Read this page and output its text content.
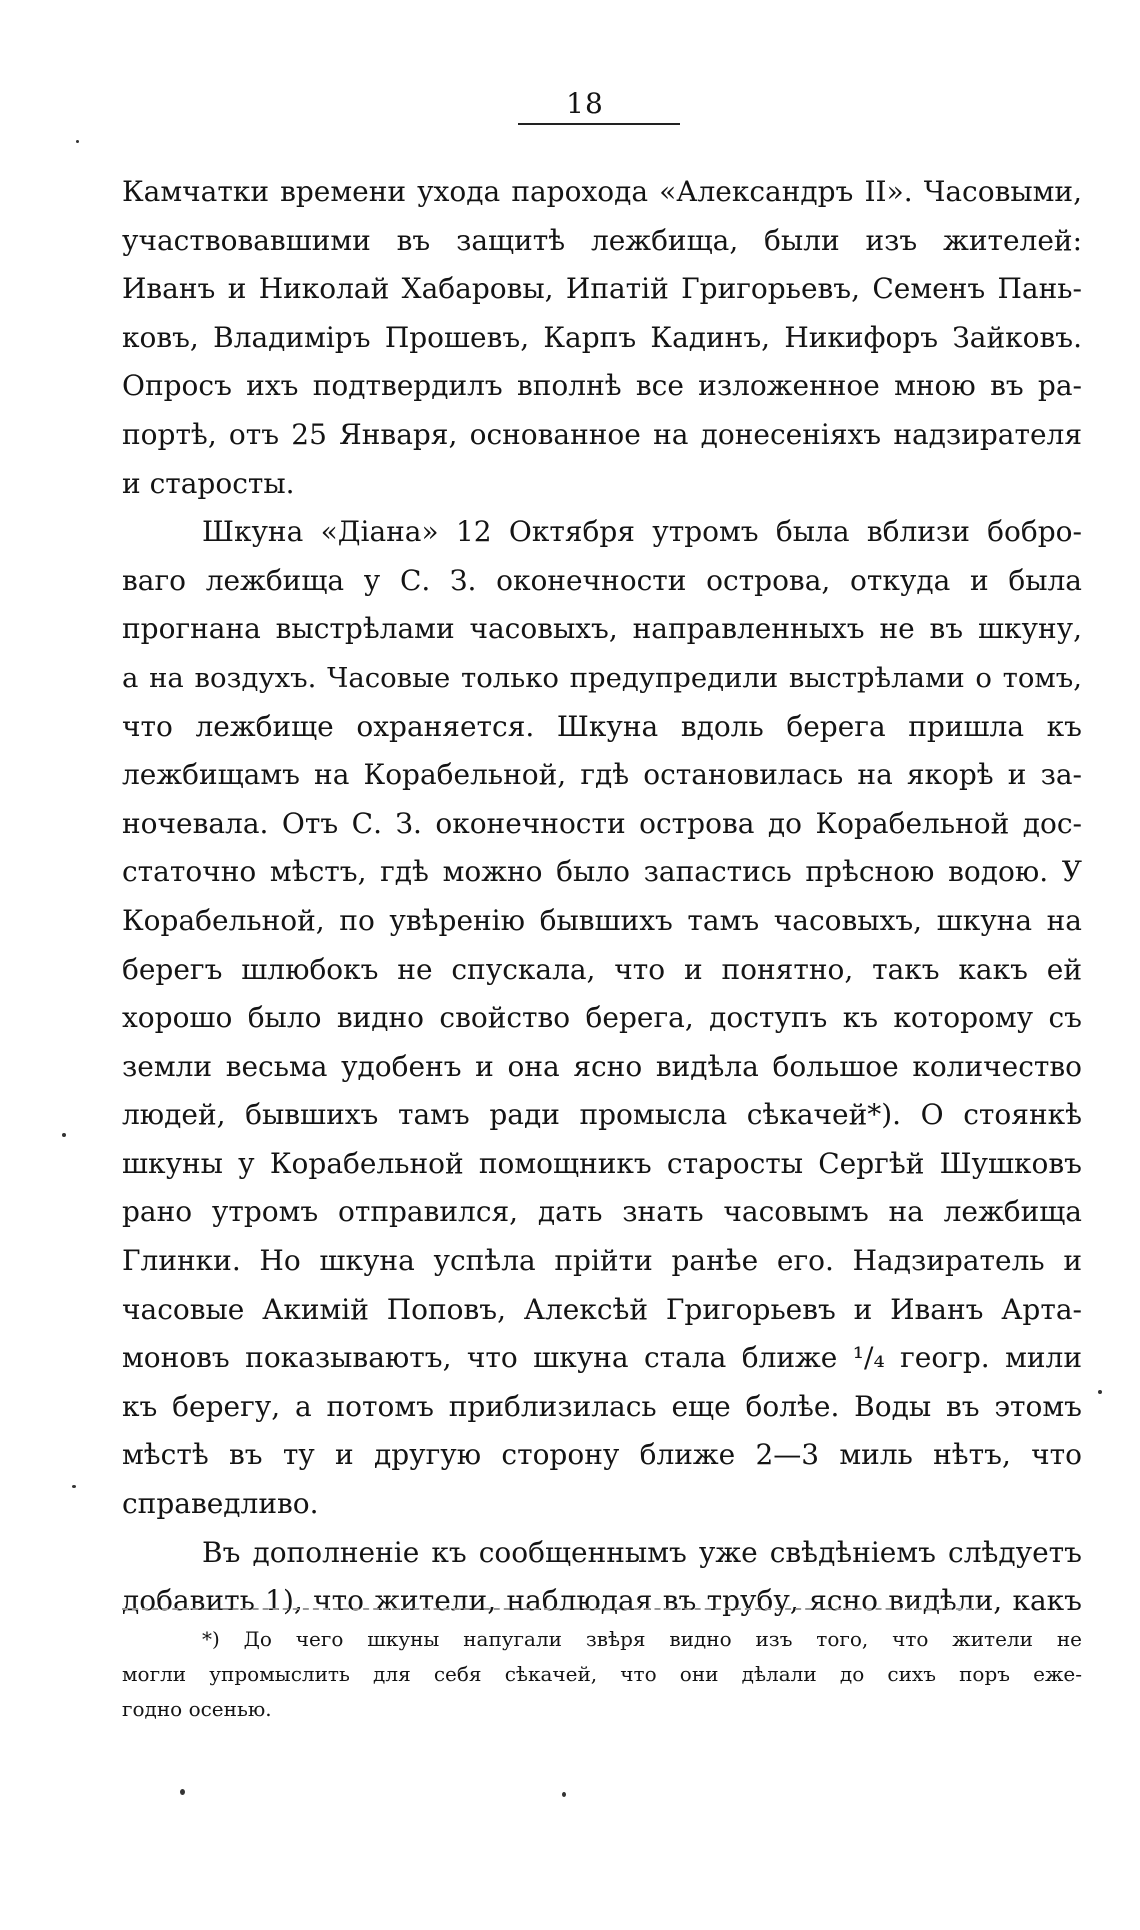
18
Камчатки времени ухода парохода «Александръ II». Часовыми,
участвовавшими въ защитѣ лежбища, были изъ жителей:
Иванъ и Николай Хабаровы, Ипатій Григорьевъ, Семенъ Пань-
ковъ, Владиміръ Прошевъ, Карпъ Кадинъ, Никифоръ Зайковъ.
Опросъ ихъ подтвердилъ вполнѣ все изложенное мною въ ра-
портѣ, отъ 25 Января, основанное на донесеніяхъ надзирателя
и старосты.
Шкуна «Діана» 12 Октября утромъ была вблизи бобро-
ваго лежбища у С. З. оконечности острова, откуда и была
прогнана выстрѣлами часовыхъ, направленныхъ не въ шкуну,
а на воздухъ. Часовые только предупредили выстрѣлами о томъ,
что лежбище охраняется. Шкуна вдоль берега пришла къ
лежбищамъ на Корабельной, гдѣ остановилась на якорѣ и за-
ночевала. Отъ С. З. оконечности острова до Корабельной дос-
статочно мѣстъ, гдѣ можно было запастись прѣсною водою. У
Корабельной, по увѣренію бывшихъ тамъ часовыхъ, шкуна на
берегъ шлюбокъ не спускала, что и понятно, такъ какъ ей
хорошо было видно свойство берега, доступъ къ которому съ
земли весьма удобенъ и она ясно видѣла большое количество
людей, бывшихъ тамъ ради промысла сѣкачей*). О стоянкѣ
шкуны у Корабельной помощникъ старосты Сергѣй Шушковъ
рано утромъ отправился, дать знать часовымъ на лежбища
Глинки. Но шкуна успѣла прійти ранѣе его. Надзиратель и
часовые Акимій Поповъ, Алексѣй Григорьевъ и Иванъ Арта-
моновъ показываютъ, что шкуна стала ближе ¹/₄ геогр. мили
къ берегу, а потомъ приблизилась еще болѣе. Воды въ этомъ
мѣстѣ въ ту и другую сторону ближе 2—3 миль нѣтъ, что
справедливо.
Въ дополненіе къ сообщеннымъ уже свѣдѣніемъ слѣдуетъ
добавить 1), что жители, наблюдая въ трубу, ясно видѣли, какъ
*) До чего шкуны напугали звѣря видно изъ того, что жители не
могли упромыслить для себя сѣкачей, что они дѣлали до сихъ поръ еже-
годно осенью.
